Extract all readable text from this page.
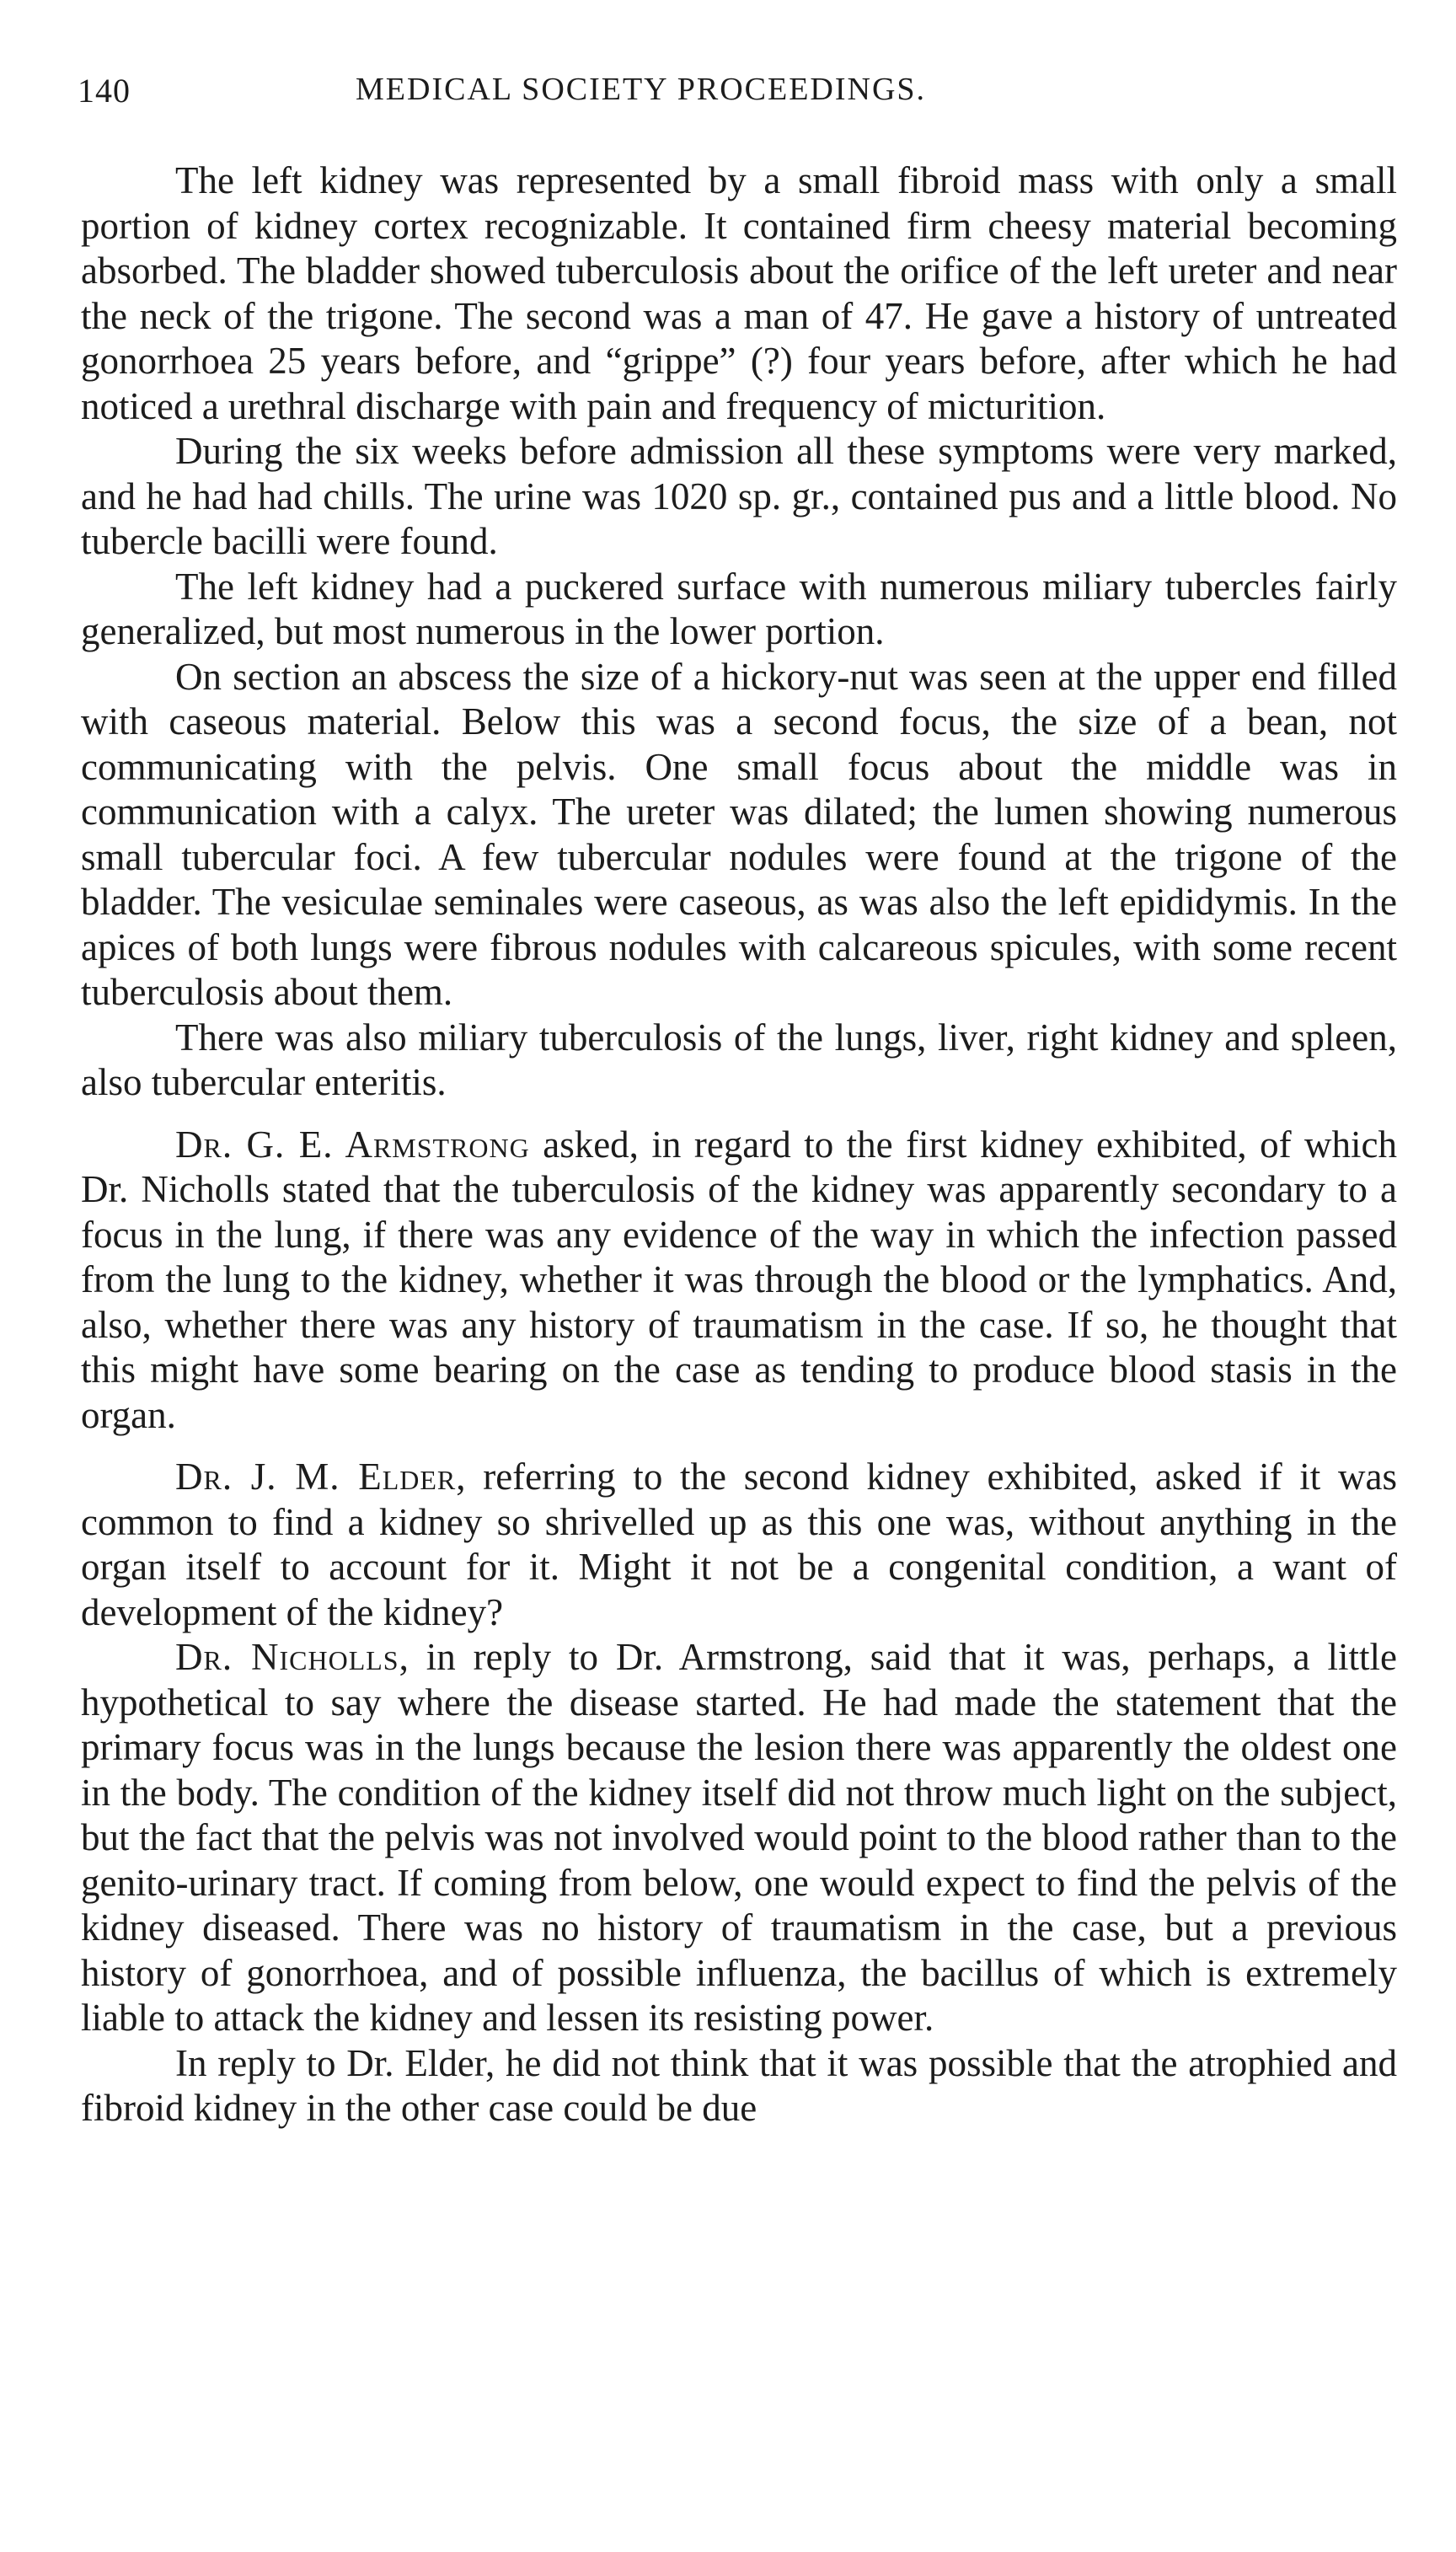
140	MEDICAL SOCIETY PROCEEDINGS.

The left kidney was represented by a small fibroid mass with only a small portion of kidney cortex recognizable. It contained firm cheesy material becoming absorbed. The bladder showed tuberculosis about the orifice of the left ureter and near the neck of the trigone. The second was a man of 47. He gave a history of untreated gonorrhoea 25 years before, and “grippe” (?) four years before, after which he had noticed a urethral discharge with pain and frequency of micturition.

During the six weeks before admission all these symptoms were very marked, and he had had chills. The urine was 1020 sp. gr., contained pus and a little blood. No tubercle bacilli were found.

The left kidney had a puckered surface with numerous miliary tubercles fairly generalized, but most numerous in the lower portion.

On section an abscess the size of a hickory-nut was seen at the upper end filled with caseous material. Below this was a second focus, the size of a bean, not communicating with the pelvis. One small focus about the middle was in communication with a calyx. The ureter was dilated; the lumen showing numerous small tubercular foci. A few tubercular nodules were found at the trigone of the bladder. The vesiculae seminales were caseous, as was also the left epididymis. In the apices of both lungs were fibrous nodules with calcareous spicules, with some recent tuberculosis about them.

There was also miliary tuberculosis of the lungs, liver, right kidney and spleen, also tubercular enteritis.

Dr. G. E. Armstrong asked, in regard to the first kidney exhibited, of which Dr. Nicholls stated that the tuberculosis of the kidney was apparently secondary to a focus in the lung, if there was any evidence of the way in which the infection passed from the lung to the kidney, whether it was through the blood or the lymphatics. And, also, whether there was any history of traumatism in the case. If so, he thought that this might have some bearing on the case as tending to produce blood stasis in the organ.

Dr. J. M. Elder, referring to the second kidney exhibited, asked if it was common to find a kidney so shrivelled up as this one was, without anything in the organ itself to account for it. Might it not be a congenital condition, a want of development of the kidney?

Dr. Nicholls, in reply to Dr. Armstrong, said that it was, perhaps, a little hypothetical to say where the disease started. He had made the statement that the primary focus was in the lungs because the lesion there was apparently the oldest one in the body. The condition of the kidney itself did not throw much light on the subject, but the fact that the pelvis was not involved would point to the blood rather than to the genito-urinary tract. If coming from below, one would expect to find the pelvis of the kidney diseased. There was no history of traumatism in the case, but a previous history of gonorrhoea, and of possible influenza, the bacillus of which is extremely liable to attack the kidney and lessen its resisting power.

In reply to Dr. Elder, he did not think that it was possible that the atrophied and fibroid kidney in the other case could be due
